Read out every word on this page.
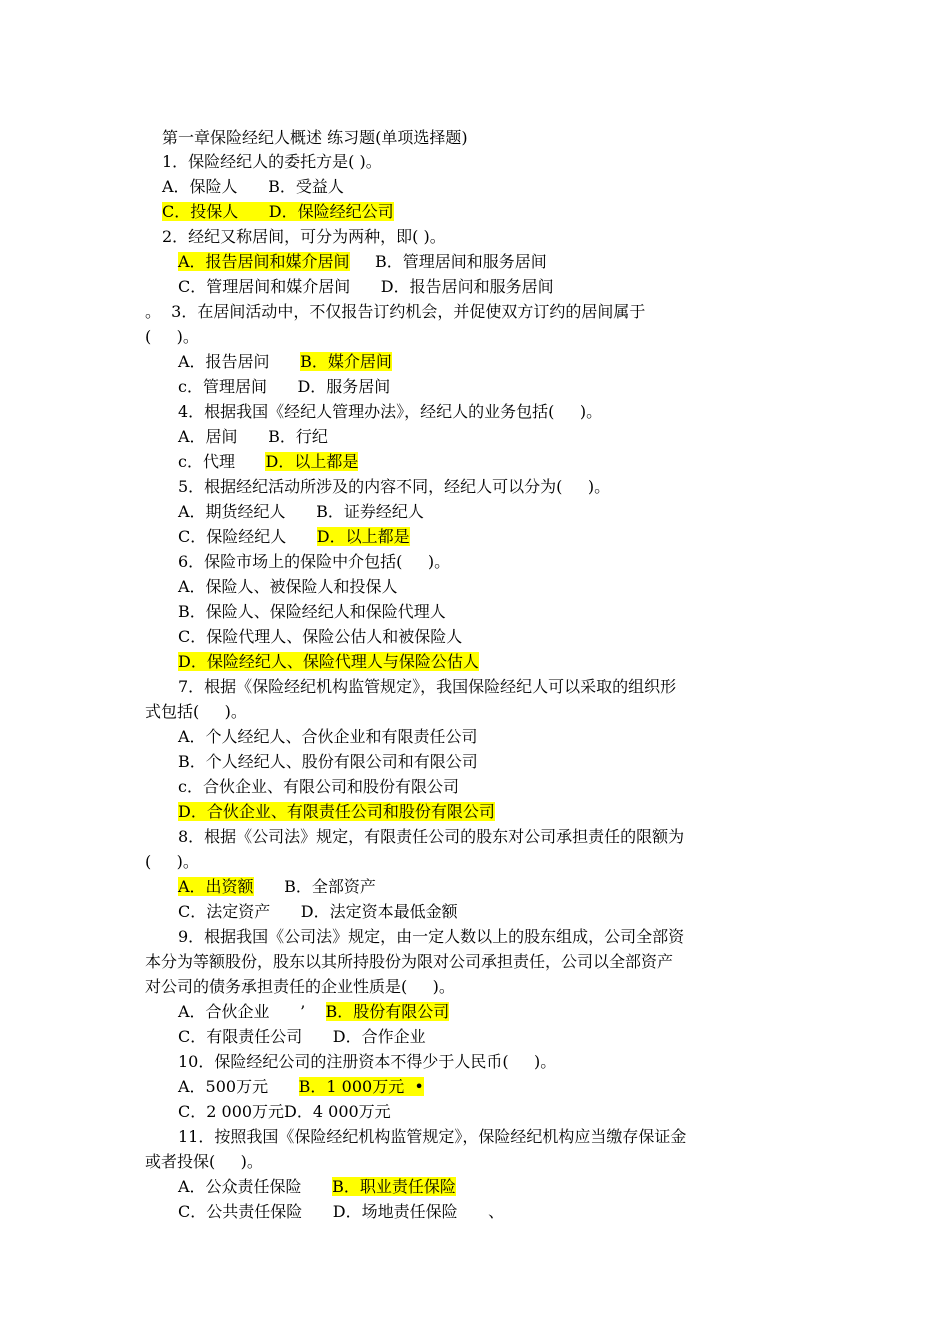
第一章保险经纪人概述 练习题(单项选择题)
1．保险经纪人的委托方是( )。
A．保险人      B．受益人
C．投保人      D．保险经纪公司
2．经纪又称居间，可分为两种，即( )。
A．报告居间和媒介居间     B．管理居间和服务居间
C．管理居间和媒介居间      D．报告居问和服务居间
。  3．在居间活动中，不仅报告订约机会，并促使双方订约的居间属于
(     )。
A．报告居问      B．媒介居间
c．管理居间      D．服务居间
4．根据我国《经纪人管理办法》，经纪人的业务包括(     )。
A．居间      B．行纪
c．代理      D．以上都是
5．根据经纪活动所涉及的内容不同，经纪人可以分为(     )。
A．期货经纪人      B．证券经纪人
C．保险经纪人      D．以上都是
6．保险市场上的保险中介包括(     )。
A．保险人、被保险人和投保人
B．保险人、保险经纪人和保险代理人
C．保险代理人、保险公估人和被保险人
D．保险经纪人、保险代理人与保险公估人
7．根据《保险经纪机构监管规定》，我国保险经纪人可以采取的组织形
式包括(     )。
A．个人经纪人、合伙企业和有限责任公司
B．个人经纪人、股份有限公司和有限公司
c．合伙企业、有限公司和股份有限公司
D．合伙企业、有限责任公司和股份有限公司
8．根据《公司法》规定，有限责任公司的股东对公司承担责任的限额为
(     )。
A．出资额      B．全部资产
C．法定资产      D．法定资本最低金额
9．根据我国《公司法》规定，由一定人数以上的股东组成，公司全部资
本分为等额股份，股东以其所持股份为限对公司承担责任，公司以全部资产
对公司的债务承担责任的企业性质是(     )。
A．合伙企业      ’    B．股份有限公司
C．有限责任公司      D．合作企业
10．保险经纪公司的注册资本不得少于人民币(     )。
A．500万元      B．1 000万元  •
C．2 000万元D．4 000万元
11．按照我国《保险经纪机构监管规定》，保险经纪机构应当缴存保证金
或者投保(     )。
A．公众责任保险      B．职业责任保险
C．公共责任保险      D．场地责任保险      、
